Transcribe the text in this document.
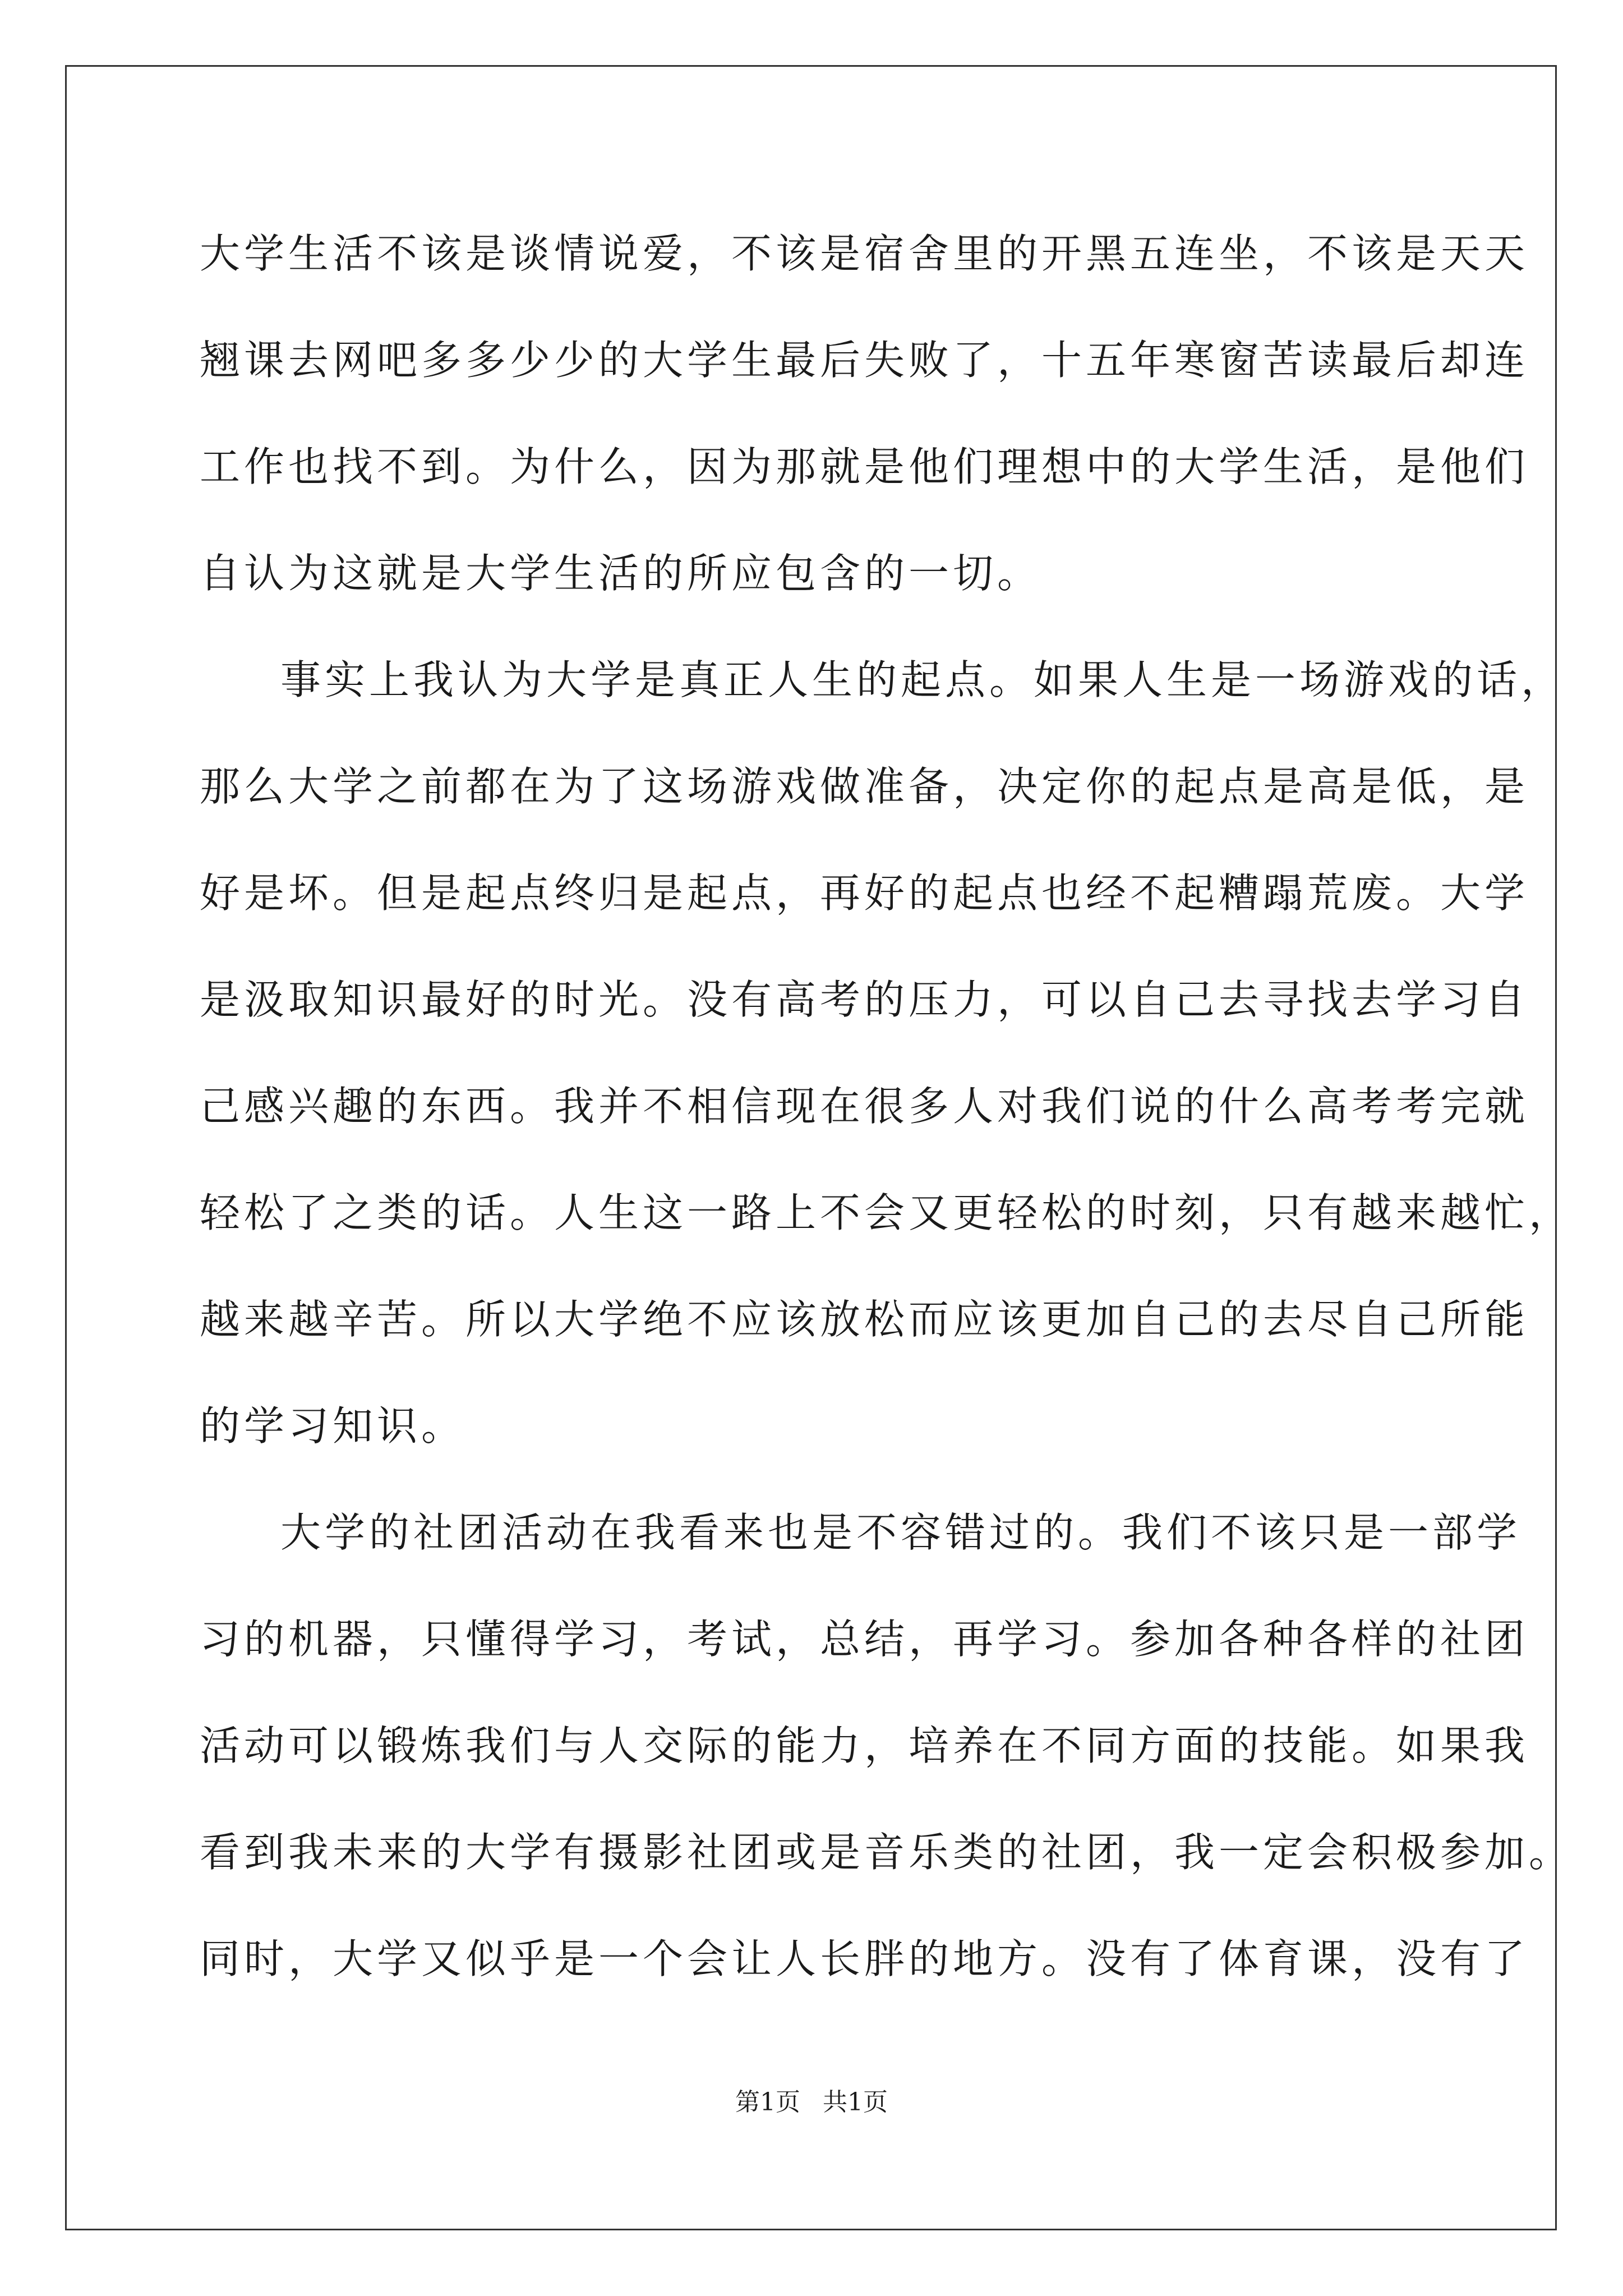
大学生活不该是谈情说爱，不该是宿舍里的开黑五连坐，不该是天天
翘课去网吧多多少少的大学生最后失败了，十五年寒窗苦读最后却连
工作也找不到。为什么，因为那就是他们理想中的大学生活，是他们
自认为这就是大学生活的所应包含的一切。
事实上我认为大学是真正人生的起点。如果人生是一场游戏的话，
那么大学之前都在为了这场游戏做准备，决定你的起点是高是低，是
好是坏。但是起点终归是起点，再好的起点也经不起糟蹋荒废。大学
是汲取知识最好的时光。没有高考的压力，可以自己去寻找去学习自
己感兴趣的东西。我并不相信现在很多人对我们说的什么高考考完就
轻松了之类的话。人生这一路上不会又更轻松的时刻，只有越来越忙，
越来越辛苦。所以大学绝不应该放松而应该更加自己的去尽自己所能
的学习知识。
大学的社团活动在我看来也是不容错过的。我们不该只是一部学
习的机器，只懂得学习，考试，总结，再学习。参加各种各样的社团
活动可以锻炼我们与人交际的能力，培养在不同方面的技能。如果我
看到我未来的大学有摄影社团或是音乐类的社团，我一定会积极参加。
同时，大学又似乎是一个会让人长胖的地方。没有了体育课，没有了
第1页 共1页
